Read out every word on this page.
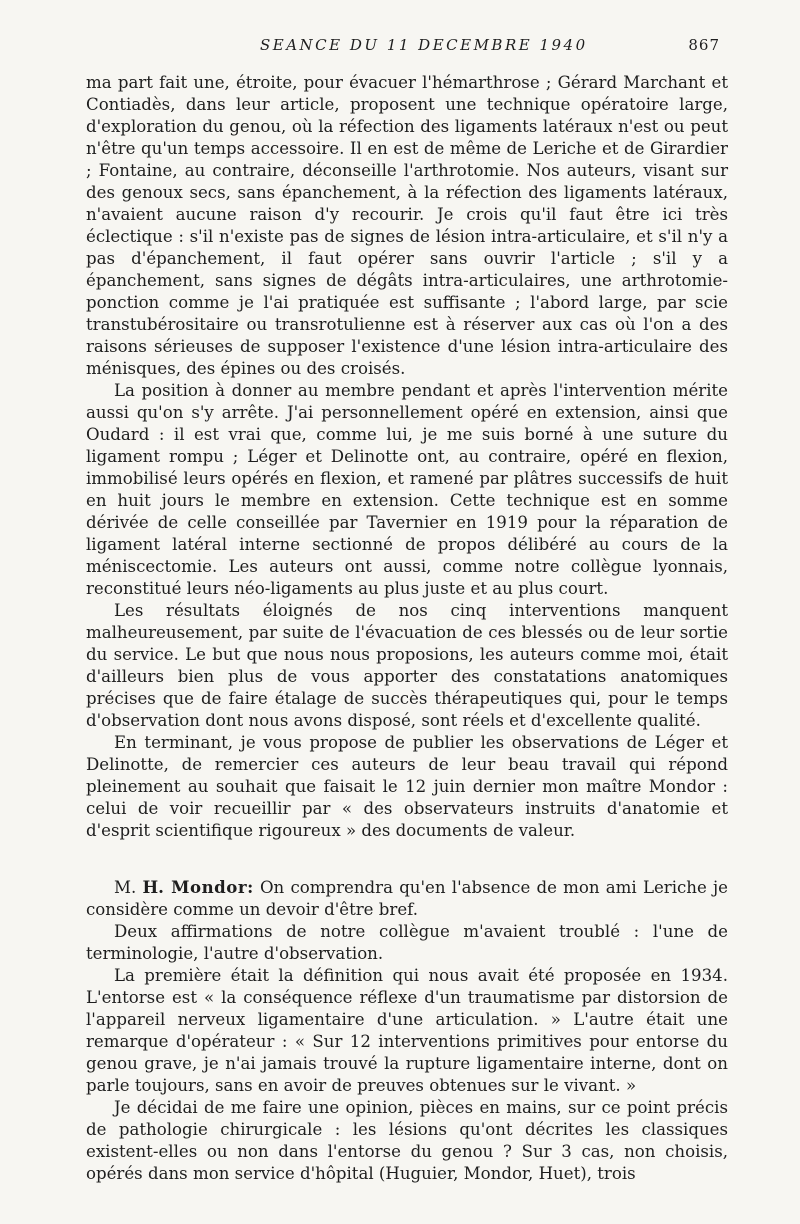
SEANCE DU 11 DECEMBRE 1940	867

ma part fait une, étroite, pour évacuer l'hémarthrose ; Gérard Marchant et Contiadès, dans leur article, proposent une technique opératoire large, d'exploration du genou, où la réfection des ligaments latéraux n'est ou peut n'être qu'un temps accessoire. Il en est de même de Leriche et de Girardier ; Fontaine, au contraire, déconseille l'arthrotomie. Nos auteurs, visant sur des genoux secs, sans épanchement, à la réfection des ligaments latéraux, n'avaient aucune raison d'y recourir. Je crois qu'il faut être ici très éclectique : s'il n'existe pas de signes de lésion intra-articulaire, et s'il n'y a pas d'épanchement, il faut opérer sans ouvrir l'article ; s'il y a épanchement, sans signes de dégâts intra-articulaires, une arthrotomie-ponction comme je l'ai pratiquée est suffisante ; l'abord large, par scie transtubérositaire ou transrotulienne est à réserver aux cas où l'on a des raisons sérieuses de supposer l'existence d'une lésion intra-articulaire des ménisques, des épines ou des croisés.

La position à donner au membre pendant et après l'intervention mérite aussi qu'on s'y arrête. J'ai personnellement opéré en extension, ainsi que Oudard : il est vrai que, comme lui, je me suis borné à une suture du ligament rompu ; Léger et Delinotte ont, au contraire, opéré en flexion, immobilisé leurs opérés en flexion, et ramené par plâtres successifs de huit en huit jours le membre en extension. Cette technique est en somme dérivée de celle conseillée par Tavernier en 1919 pour la réparation de ligament latéral interne sectionné de propos délibéré au cours de la méniscectomie. Les auteurs ont aussi, comme notre collègue lyonnais, reconstitué leurs néo-ligaments au plus juste et au plus court.

Les résultats éloignés de nos cinq interventions manquent malheureusement, par suite de l'évacuation de ces blessés ou de leur sortie du service. Le but que nous nous proposions, les auteurs comme moi, était d'ailleurs bien plus de vous apporter des constatations anatomiques précises que de faire étalage de succès thérapeutiques qui, pour le temps d'observation dont nous avons disposé, sont réels et d'excellente qualité.

En terminant, je vous propose de publier les observations de Léger et Delinotte, de remercier ces auteurs de leur beau travail qui répond pleinement au souhait que faisait le 12 juin dernier mon maître Mondor : celui de voir recueillir par « des observateurs instruits d'anatomie et d'esprit scientifique rigoureux » des documents de valeur.

M. H. Mondor: On comprendra qu'en l'absence de mon ami Leriche je considère comme un devoir d'être bref.

Deux affirmations de notre collègue m'avaient troublé : l'une de terminologie, l'autre d'observation.

La première était la définition qui nous avait été proposée en 1934. L'entorse est « la conséquence réflexe d'un traumatisme par distorsion de l'appareil nerveux ligamentaire d'une articulation. » L'autre était une remarque d'opérateur : « Sur 12 interventions primitives pour entorse du genou grave, je n'ai jamais trouvé la rupture ligamentaire interne, dont on parle toujours, sans en avoir de preuves obtenues sur le vivant. »

Je décidai de me faire une opinion, pièces en mains, sur ce point précis de pathologie chirurgicale : les lésions qu'ont décrites les classiques existent-elles ou non dans l'entorse du genou ? Sur 3 cas, non choisis, opérés dans mon service d'hôpital (Huguier, Mondor, Huet), trois
